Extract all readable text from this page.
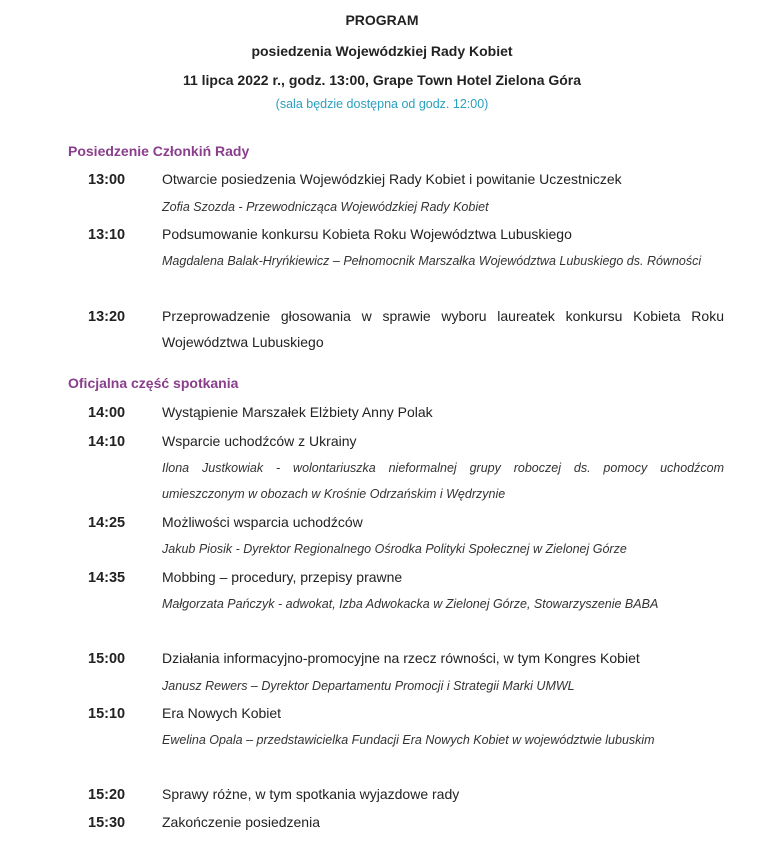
PROGRAM
posiedzenia Wojewódzkiej Rady Kobiet
11 lipca 2022 r., godz. 13:00, Grape Town Hotel Zielona Góra
(sala będzie dostępna od godz. 12:00)
Posiedzenie Członkiń Rady
13:00	Otwarcie posiedzenia Wojewódzkiej Rady Kobiet i powitanie Uczestniczek
Zofia Szozda - Przewodnicząca Wojewódzkiej Rady Kobiet
13:10	Podsumowanie konkursu Kobieta Roku Województwa Lubuskiego
Magdalena Balak-Hryńkiewicz – Pełnomocnik Marszałka Województwa Lubuskiego ds. Równości
13:20	Przeprowadzenie głosowania w sprawie wyboru laureatek konkursu Kobieta Roku Województwa Lubuskiego
Oficjalna część spotkania
14:00	Wystąpienie Marszałek Elżbiety Anny Polak
14:10	Wsparcie uchodźców z Ukrainy
Ilona Justkowiak - wolontariuszka nieformalnej grupy roboczej ds. pomocy uchodźcom umieszczonym w obozach w Krośnie Odrzańskim i Wędrzynie
14:25	Możliwości wsparcia uchodźców
Jakub Piosik - Dyrektor Regionalnego Ośrodka Polityki Społecznej w Zielonej Górze
14:35	Mobbing – procedury, przepisy prawne
Małgorzata Pańczyk - adwokat, Izba Adwokacka w Zielonej Górze, Stowarzyszenie BABA
15:00	Działania informacyjno-promocyjne na rzecz równości, w tym Kongres Kobiet
Janusz Rewers – Dyrektor Departamentu Promocji i Strategii Marki UMWL
15:10	Era Nowych Kobiet
Ewelina Opala – przedstawicielka Fundacji Era Nowych Kobiet w województwie lubuskim
15:20	Sprawy różne, w tym spotkania wyjazdowe rady
15:30	Zakończenie posiedzenia
